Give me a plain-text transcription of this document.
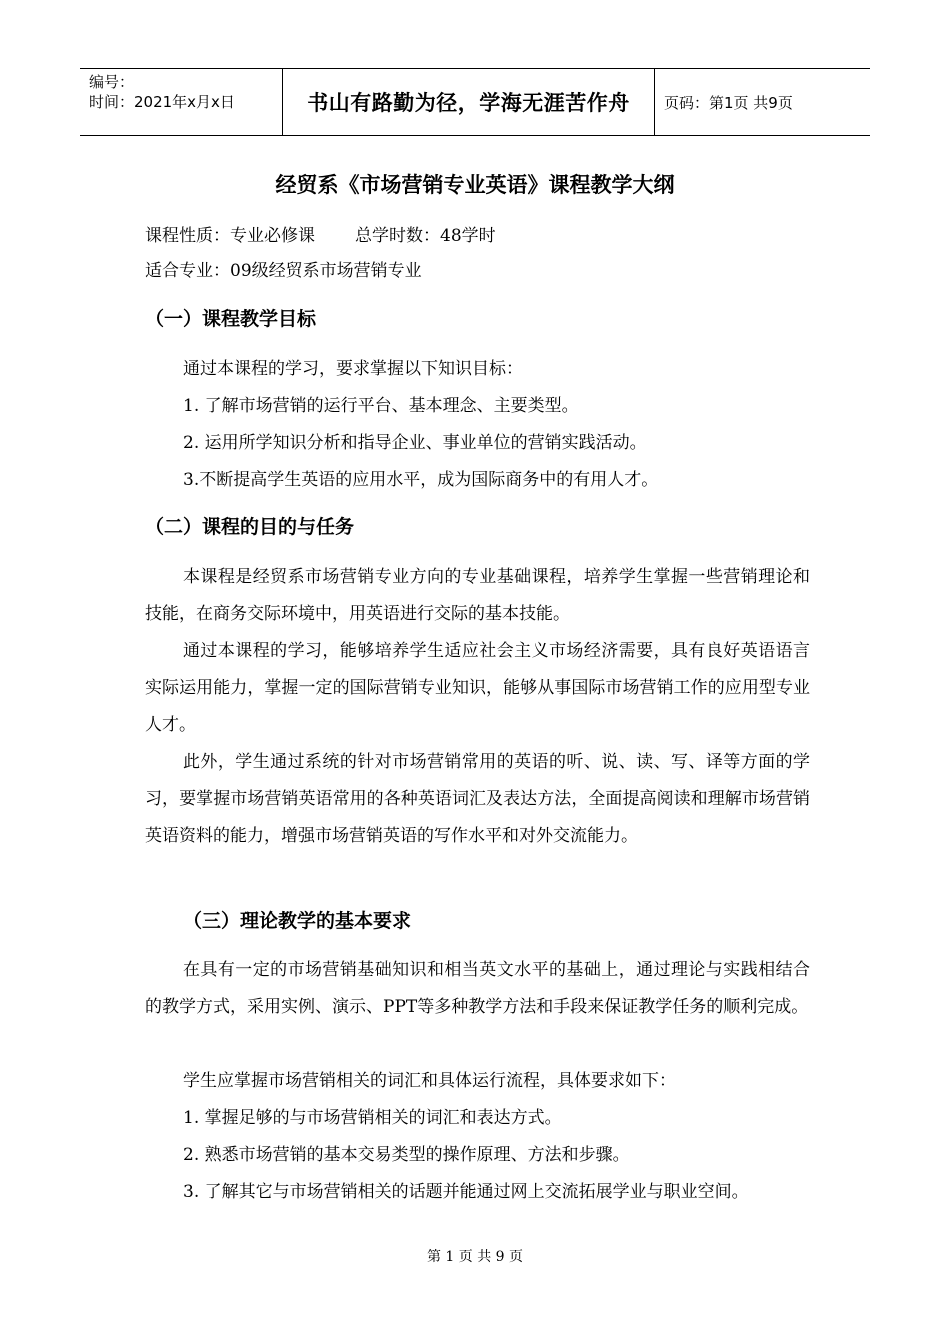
编号：
时间：2021年x月x日	书山有路勤为径，学海无涯苦作舟 页码：第1页 共9页
经贸系《市场营销专业英语》课程教学大纲
课程性质：专业必修课 总学时数：48学时
适合专业：09级经贸系市场营销专业
（一）课程教学目标
通过本课程的学习，要求掌握以下知识目标：
1. 了解市场营销的运行平台、基本理念、主要类型。
2. 运用所学知识分析和指导企业、事业单位的营销实践活动。
3.不断提高学生英语的应用水平，成为国际商务中的有用人才。
（二）课程的目的与任务
本课程是经贸系市场营销专业方向的专业基础课程，培养学生掌握一些营销理论和技能，在商务交际环境中，用英语进行交际的基本技能。
通过本课程的学习，能够培养学生适应社会主义市场经济需要，具有良好英语语言实际运用能力，掌握一定的国际营销专业知识，能够从事国际市场营销工作的应用型专业人才。
此外，学生通过系统的针对市场营销常用的英语的听、说、读、写、译等方面的学习，要掌握市场营销英语常用的各种英语词汇及表达方法，全面提高阅读和理解市场营销英语资料的能力，增强市场营销英语的写作水平和对外交流能力。
（三）理论教学的基本要求
在具有一定的市场营销基础知识和相当英文水平的基础上，通过理论与实践相结合的教学方式，采用实例、演示、PPT等多种教学方法和手段来保证教学任务的顺利完成。
学生应掌握市场营销相关的词汇和具体运行流程，具体要求如下：
1. 掌握足够的与市场营销相关的词汇和表达方式。
2. 熟悉市场营销的基本交易类型的操作原理、方法和步骤。
3. 了解其它与市场营销相关的话题并能通过网上交流拓展学业与职业空间。
第 1 页 共 9 页
